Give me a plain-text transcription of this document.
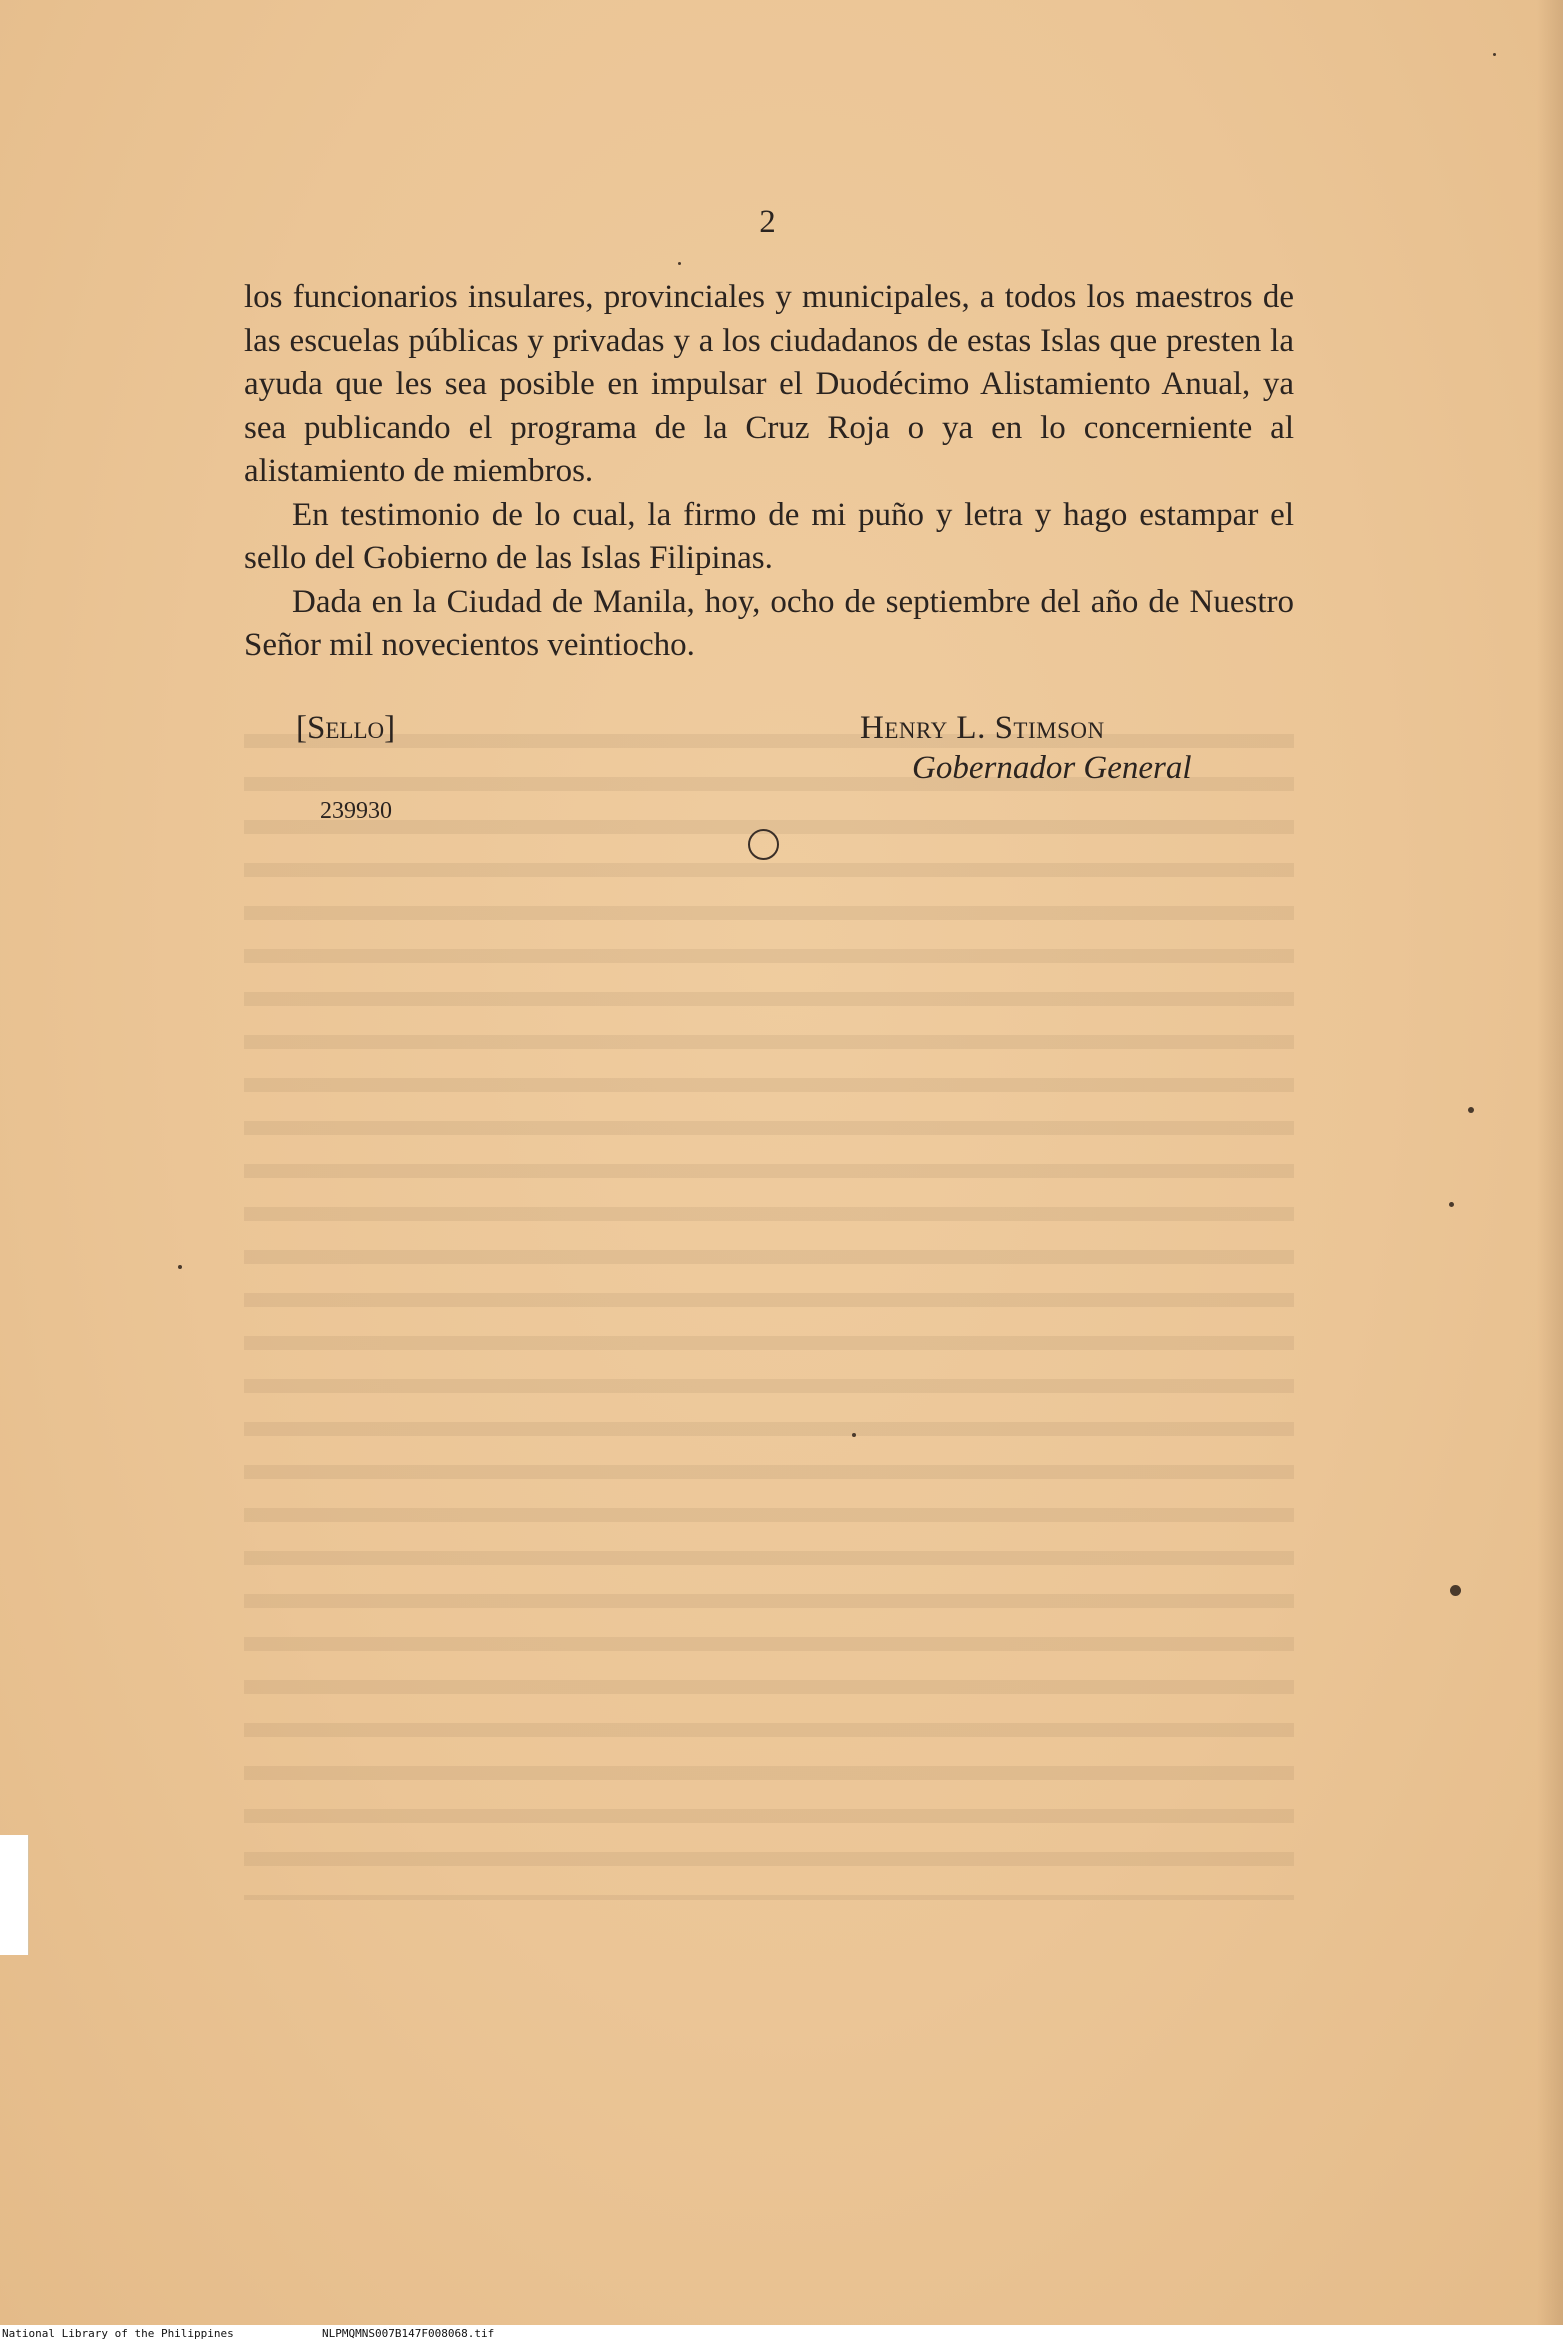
2

los funcionarios insulares, provinciales y municipales, a todos los maestros de las escuelas públicas y privadas y a los ciudadanos de estas Islas que presten la ayuda que les sea posible en impulsar el Duodécimo Alistamiento Anual, ya sea publicando el programa de la Cruz Roja o ya en lo concerniente al alistamiento de miembros.

En testimonio de lo cual, la firmo de mi puño y letra y hago estampar el sello del Gobierno de las Islas Filipinas.

Dada en la Ciudad de Manila, hoy, ocho de septiembre del año de Nuestro Señor mil novecientos veintiocho.

[Sello]	Henry L. Stimson
Gobernador General
239930
National Library of the Philippines	NLPMQMNS007B147F008068.tif
